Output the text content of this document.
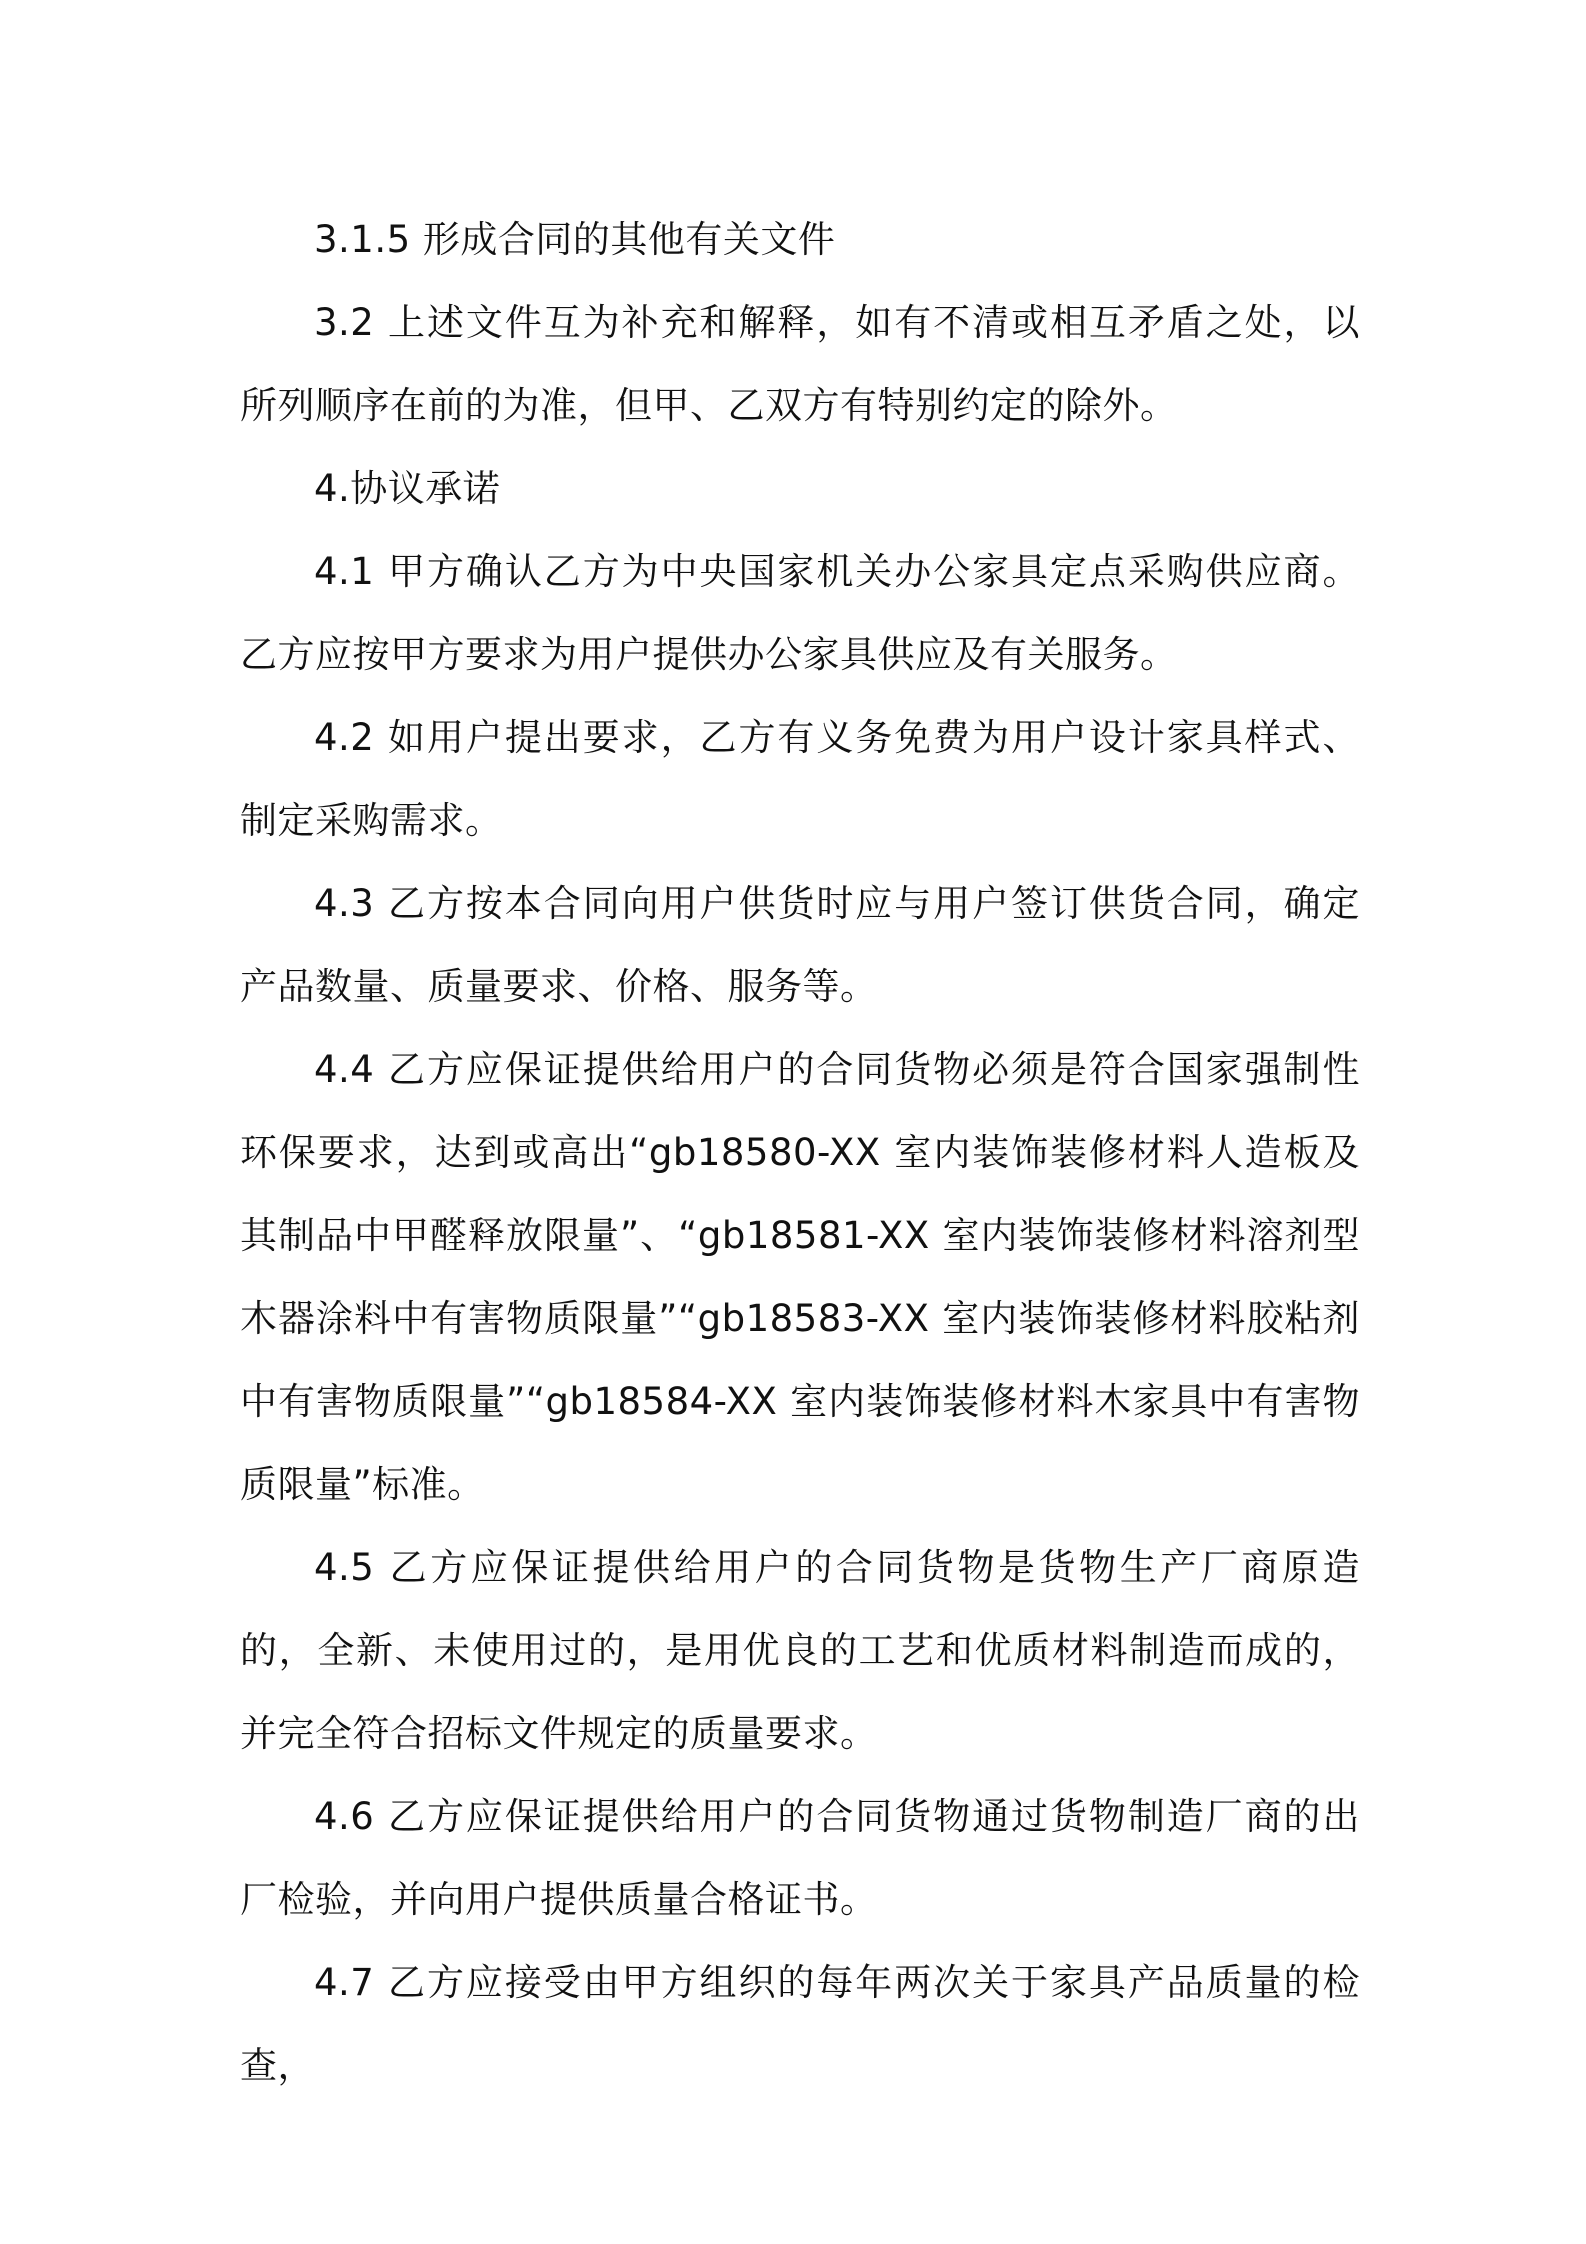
3.1.5 形成合同的其他有关文件

3.2 上述文件互为补充和解释，如有不清或相互矛盾之处，以所列顺序在前的为准，但甲、乙双方有特别约定的除外。

4.协议承诺

4.1 甲方确认乙方为中央国家机关办公家具定点采购供应商。乙方应按甲方要求为用户提供办公家具供应及有关服务。

4.2 如用户提出要求，乙方有义务免费为用户设计家具样式、制定采购需求。

4.3 乙方按本合同向用户供货时应与用户签订供货合同，确定产品数量、质量要求、价格、服务等。

4.4 乙方应保证提供给用户的合同货物必须是符合国家强制性环保要求，达到或高出“gb18580-XX 室内装饰装修材料人造板及其制品中甲醛释放限量”、“gb18581-XX 室内装饰装修材料溶剂型木器涂料中有害物质限量”“gb18583-XX 室内装饰装修材料胶粘剂中有害物质限量”“gb18584-XX 室内装饰装修材料木家具中有害物质限量”标准。

4.5 乙方应保证提供给用户的合同货物是货物生产厂商原造的，全新、未使用过的，是用优良的工艺和优质材料制造而成的，并完全符合招标文件规定的质量要求。

4.6 乙方应保证提供给用户的合同货物通过货物制造厂商的出厂检验，并向用户提供质量合格证书。

4.7 乙方应接受由甲方组织的每年两次关于家具产品质量的检查，
